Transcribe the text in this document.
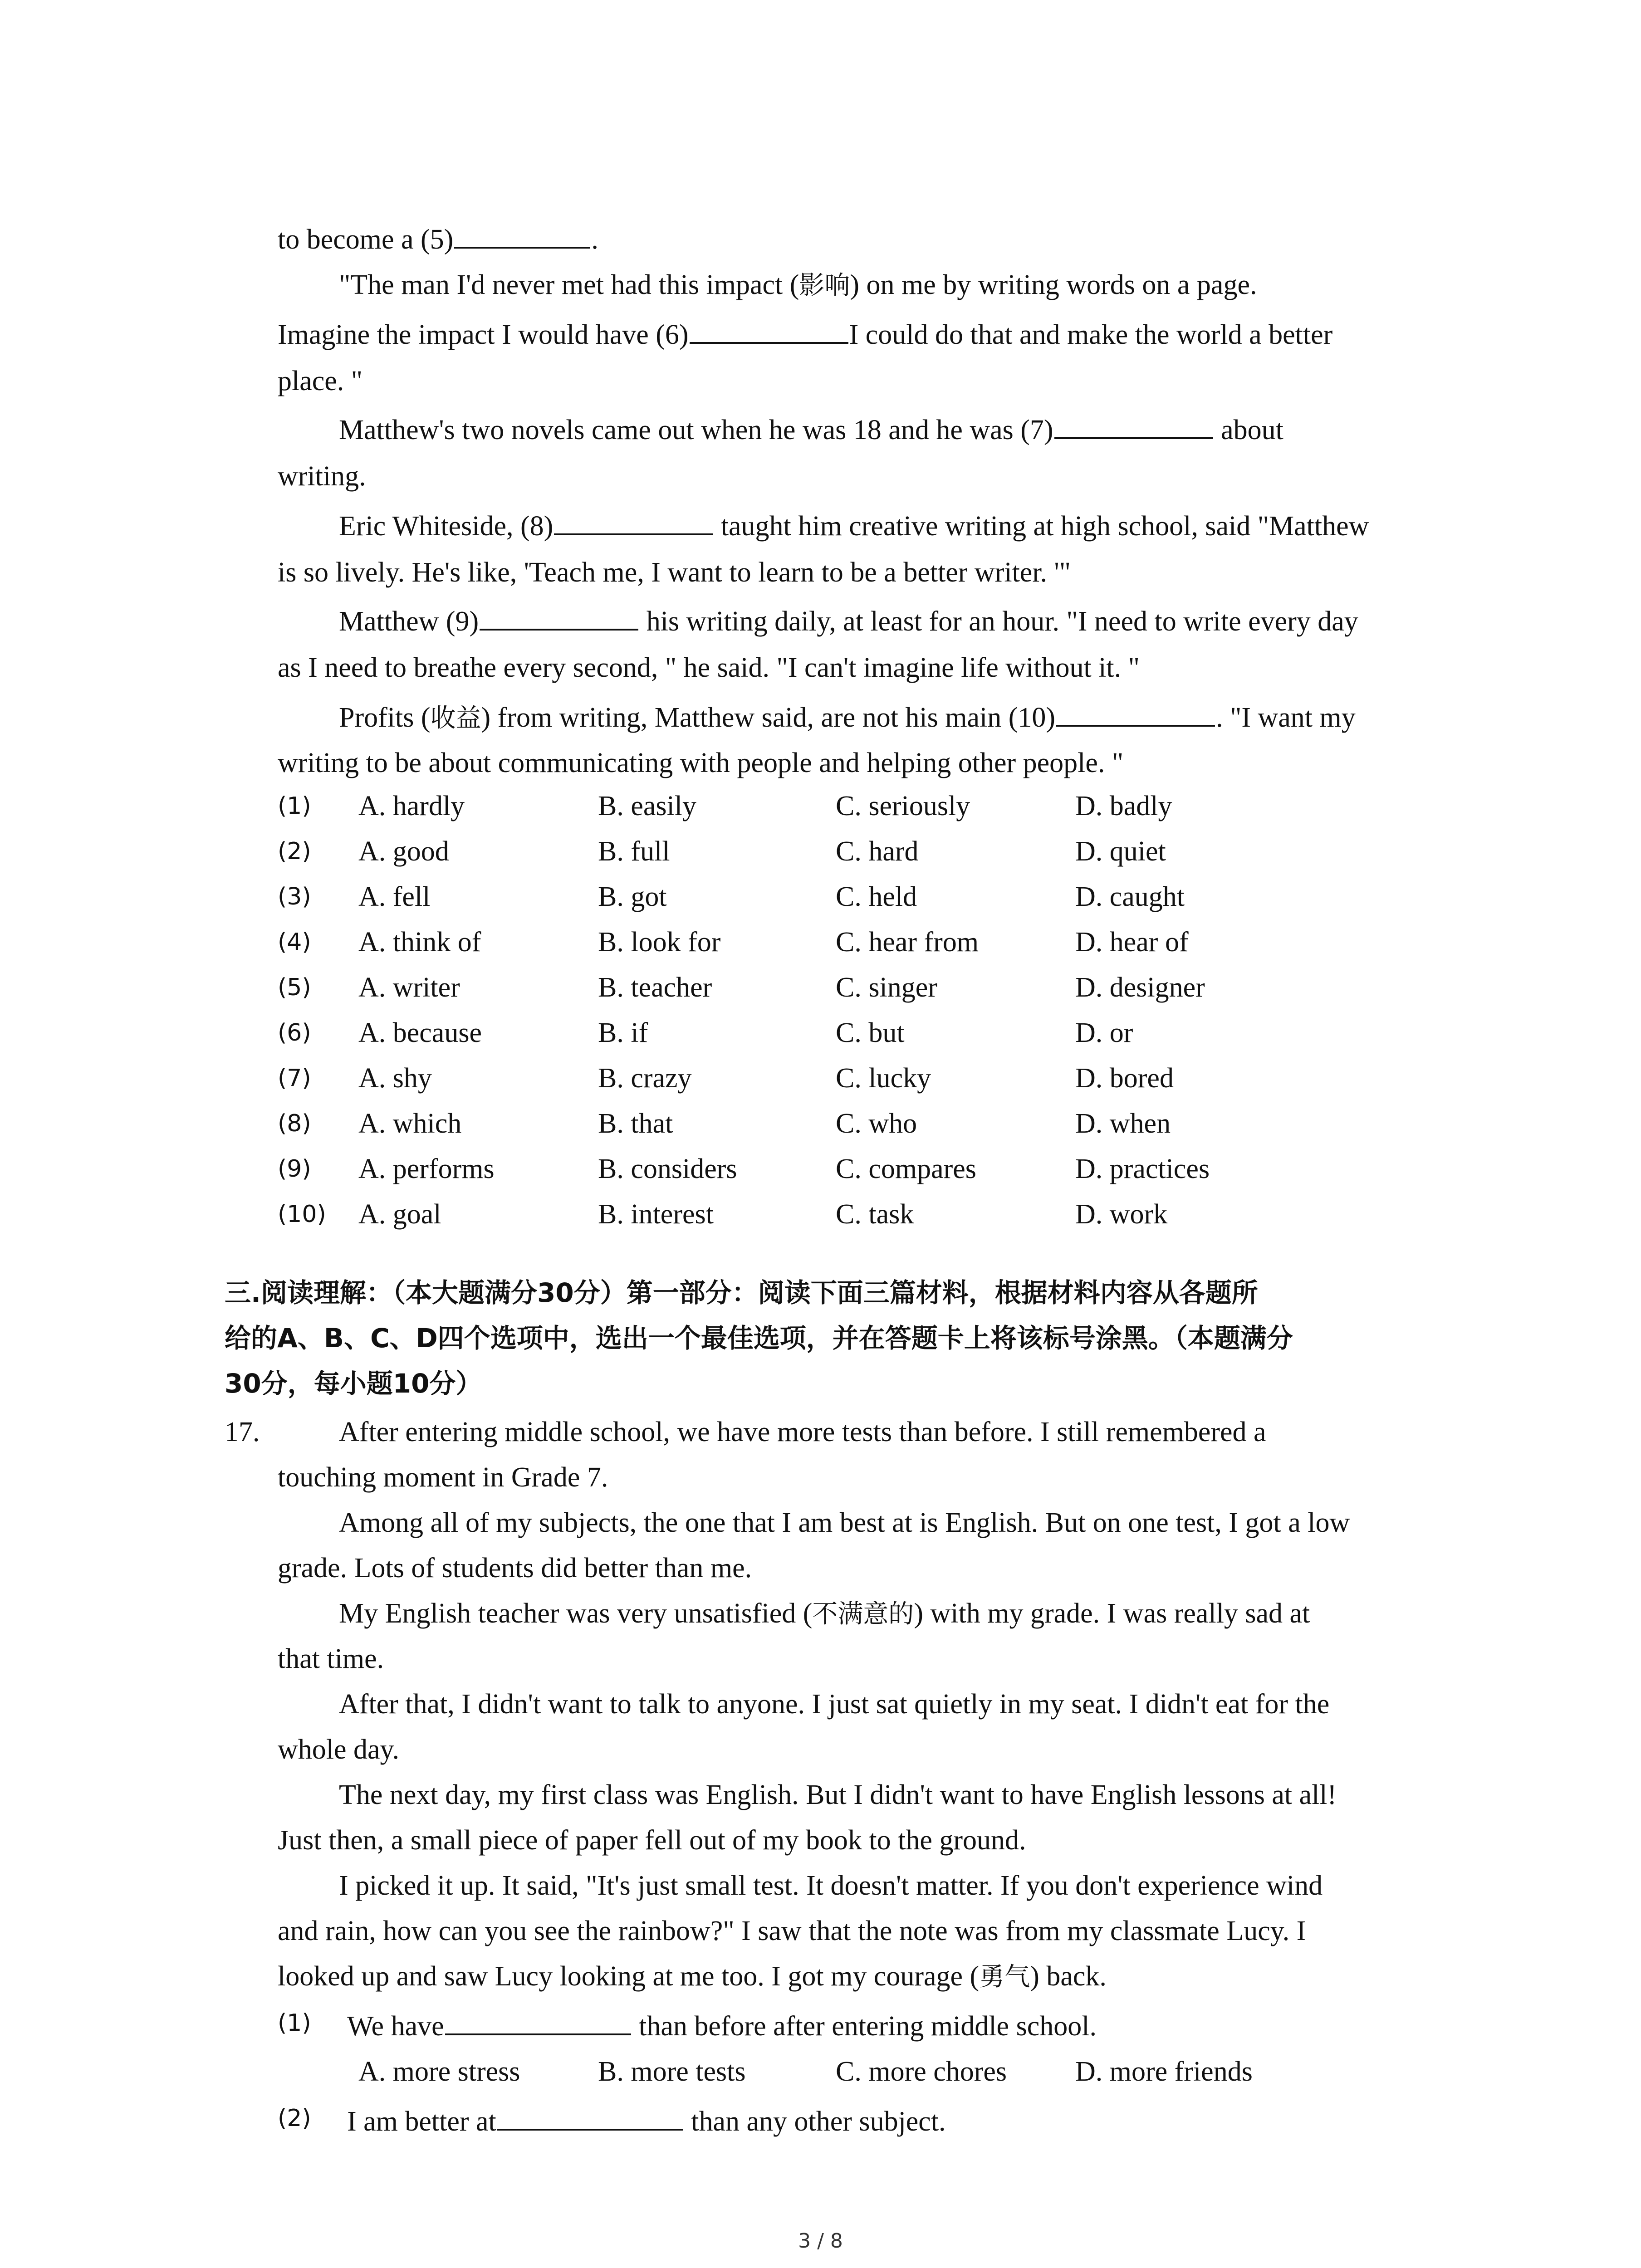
to become a (5)	.
"The man I'd never met had this impact (影响) on me by writing words on a page.
Imagine the impact I would have (6)	I could do that and make the world a better
place. "
Matthew's two novels came out when he was 18 and he was (7)	about
writing.
Eric Whiteside, (8)	taught him creative writing at high school, said "Matthew
is so lively. He's like, 'Teach me, I want to learn to be a better writer. '"
Matthew (9)	his writing daily, at least for an hour. "I need to write every day
as I need to breathe every second, " he said. "I can't imagine life without it. "
Profits (收益) from writing, Matthew said, are not his main (10)	. "I want my
writing to be about communicating with people and helping other people. "
(1) A. hardly	B. easily	C. seriously	D. badly
(2) A. good	B. full	C. hard	D. quiet
(3) A. fell	B. got	C. held	D. caught
(4) A. think of	B. look for	C. hear from	D. hear of
(5) A. writer	B. teacher	C. singer	D. designer
(6) A. because	B. if	C. but	D. or
(7) A. shy	B. crazy	C. lucky	D. bored
(8) A. which	B. that	C. who	D. when
(9) A. performs	B. considers	C. compares	D. practices
(10) A. goal	B. interest	C. task	D. work
三.阅读理解：（本大题满分30分）第一部分：阅读下面三篇材料，根据材料内容从各题所
给的A、B、C、D四个选项中，选出一个最佳选项，并在答题卡上将该标号涂黑。（本题满分
30分，每小题10分）
17.	After entering middle school, we have more tests than before. I still remembered a
touching moment in Grade 7.
Among all of my subjects, the one that I am best at is English. But on one test, I got a low
grade. Lots of students did better than me.
My English teacher was very unsatisfied (不满意的) with my grade. I was really sad at
that time.
After that, I didn't want to talk to anyone. I just sat quietly in my seat. I didn't eat for the
whole day.
The next day, my first class was English. But I didn't want to have English lessons at all!
Just then, a small piece of paper fell out of my book to the ground.
I picked it up. It said, "It's just small test. It doesn't matter. If you don't experience wind
and rain, how can you see the rainbow?" I saw that the note was from my classmate Lucy. I
looked up and saw Lucy looking at me too. I got my courage (勇气) back.
(1) We have	than before after entering middle school.
A. more stress	B. more tests	C. more chores D. more friends
(2) I am better at	than any other subject.
3 / 8
